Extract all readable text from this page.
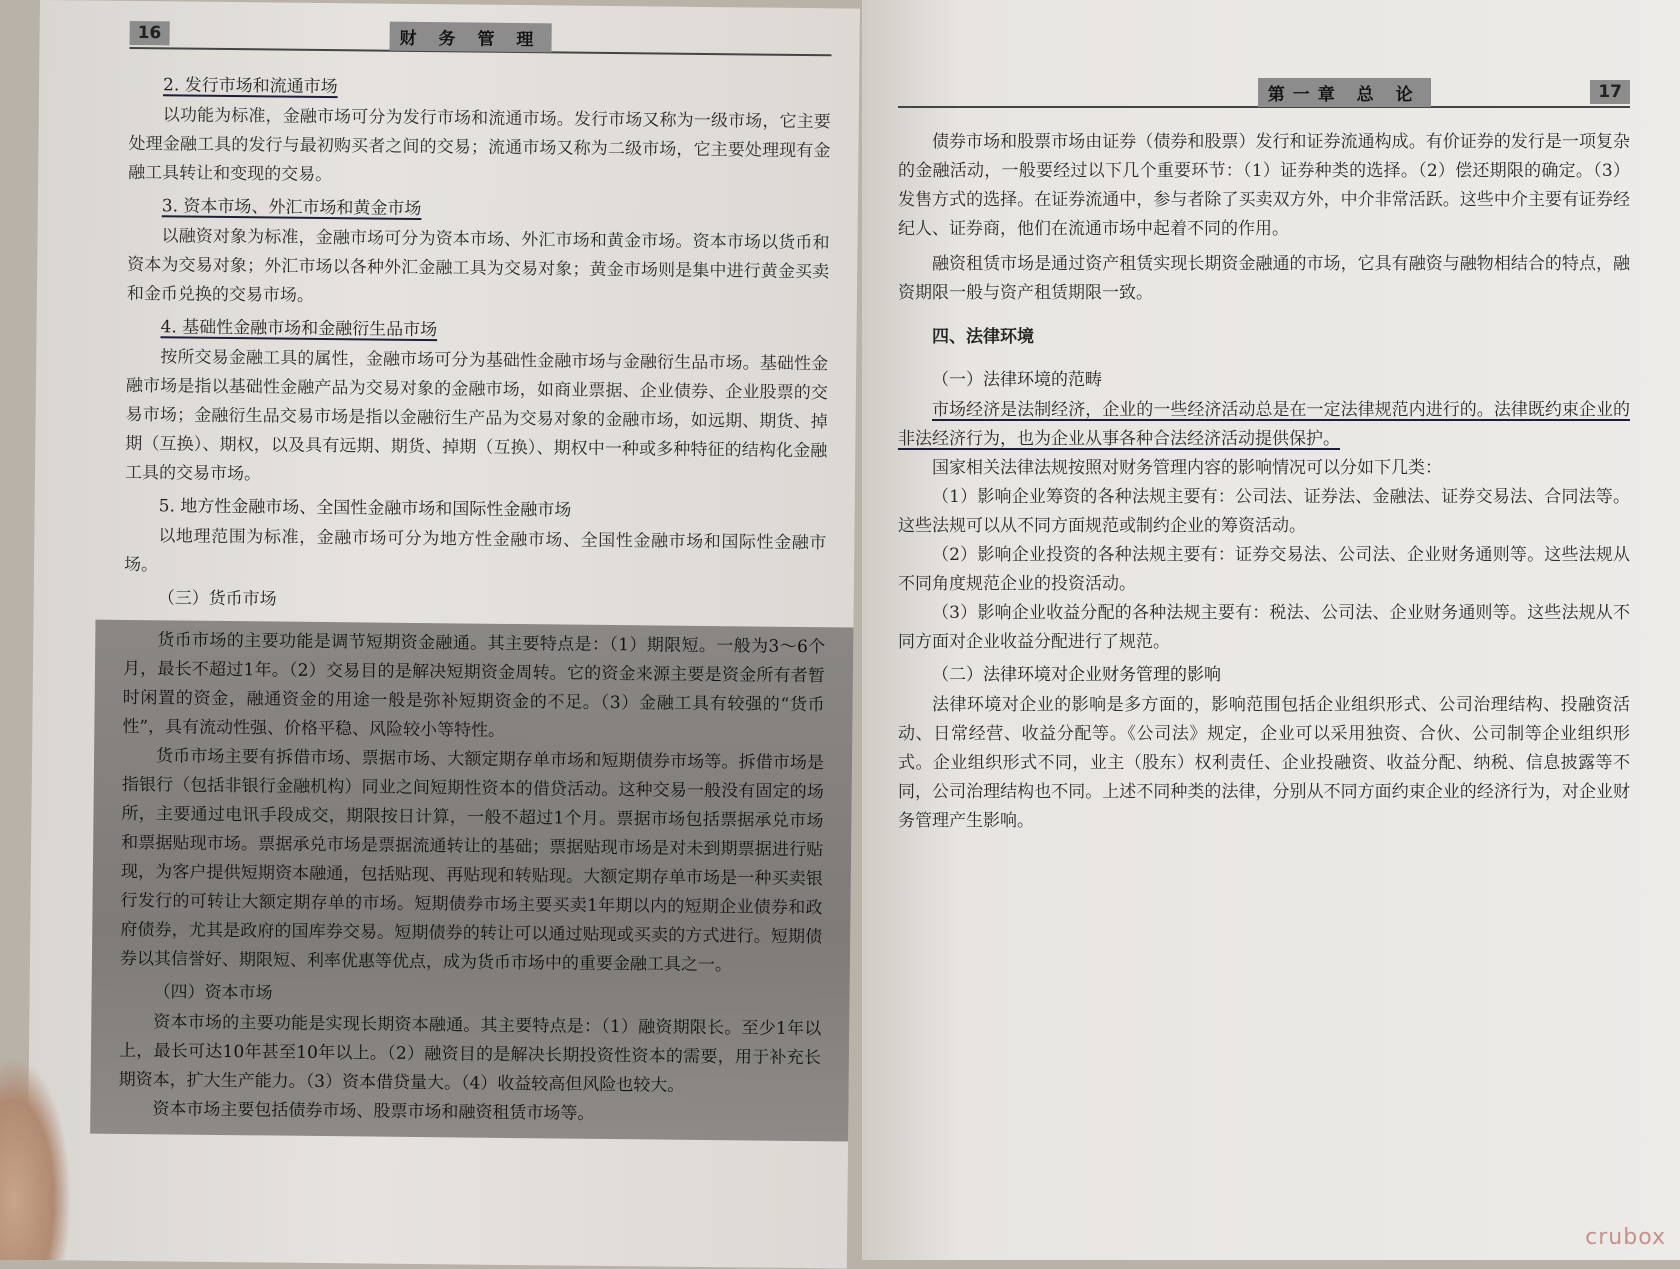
16	财 务 管 理

2. 发行市场和流通市场

以功能为标准，金融市场可分为发行市场和流通市场。发行市场又称为一级市场，它主要处理金融工具的发行与最初购买者之间的交易；流通市场又称为二级市场，它主要处理现有金融工具转让和变现的交易。

3. 资本市场、外汇市场和黄金市场

以融资对象为标准，金融市场可分为资本市场、外汇市场和黄金市场。资本市场以货币和资本为交易对象；外汇市场以各种外汇金融工具为交易对象；黄金市场则是集中进行黄金买卖和金币兑换的交易市场。

4. 基础性金融市场和金融衍生品市场

按所交易金融工具的属性，金融市场可分为基础性金融市场与金融衍生品市场。基础性金融市场是指以基础性金融产品为交易对象的金融市场，如商业票据、企业债券、企业股票的交易市场；金融衍生品交易市场是指以金融衍生产品为交易对象的金融市场，如远期、期货、掉期（互换）、期权，以及具有远期、期货、掉期（互换）、期权中一种或多种特征的结构化金融工具的交易市场。

5. 地方性金融市场、全国性金融市场和国际性金融市场

以地理范围为标准，金融市场可分为地方性金融市场、全国性金融市场和国际性金融市场。

（三）货币市场

货币市场的主要功能是调节短期资金融通。其主要特点是：（1）期限短。一般为3～6个月，最长不超过1年。（2）交易目的是解决短期资金周转。它的资金来源主要是资金所有者暂时闲置的资金，融通资金的用途一般是弥补短期资金的不足。（3）金融工具有较强的“货币性”，具有流动性强、价格平稳、风险较小等特性。

货币市场主要有拆借市场、票据市场、大额定期存单市场和短期债券市场等。拆借市场是指银行（包括非银行金融机构）同业之间短期性资本的借贷活动。这种交易一般没有固定的场所，主要通过电讯手段成交，期限按日计算，一般不超过1个月。票据市场包括票据承兑市场和票据贴现市场。票据承兑市场是票据流通转让的基础；票据贴现市场是对未到期票据进行贴现，为客户提供短期资本融通，包括贴现、再贴现和转贴现。大额定期存单市场是一种买卖银行发行的可转让大额定期存单的市场。短期债券市场主要买卖1年期以内的短期企业债券和政府债券，尤其是政府的国库券交易。短期债券的转让可以通过贴现或买卖的方式进行。短期债券以其信誉好、期限短、利率优惠等优点，成为货币市场中的重要金融工具之一。

（四）资本市场

资本市场的主要功能是实现长期资本融通。其主要特点是：（1）融资期限长。至少1年以上，最长可达10年甚至10年以上。（2）融资目的是解决长期投资性资本的需要，用于补充长期资本，扩大生产能力。（3）资本借贷量大。（4）收益较高但风险也较大。

资本市场主要包括债券市场、股票市场和融资租赁市场等。

第一章 总 论	17

债券市场和股票市场由证券（债券和股票）发行和证券流通构成。有价证券的发行是一项复杂的金融活动，一般要经过以下几个重要环节：（1）证券种类的选择。（2）偿还期限的确定。（3）发售方式的选择。在证券流通中，参与者除了买卖双方外，中介非常活跃。这些中介主要有证券经纪人、证券商，他们在流通市场中起着不同的作用。

融资租赁市场是通过资产租赁实现长期资金融通的市场，它具有融资与融物相结合的特点，融资期限一般与资产租赁期限一致。

四、法律环境

（一）法律环境的范畴

市场经济是法制经济，企业的一些经济活动总是在一定法律规范内进行的。法律既约束企业的非法经济行为，也为企业从事各种合法经济活动提供保护。

国家相关法律法规按照对财务管理内容的影响情况可以分如下几类：

（1）影响企业筹资的各种法规主要有：公司法、证券法、金融法、证券交易法、合同法等。这些法规可以从不同方面规范或制约企业的筹资活动。

（2）影响企业投资的各种法规主要有：证券交易法、公司法、企业财务通则等。这些法规从不同角度规范企业的投资活动。

（3）影响企业收益分配的各种法规主要有：税法、公司法、企业财务通则等。这些法规从不同方面对企业收益分配进行了规范。

（二）法律环境对企业财务管理的影响

法律环境对企业的影响是多方面的，影响范围包括企业组织形式、公司治理结构、投融资活动、日常经营、收益分配等。《公司法》规定，企业可以采用独资、合伙、公司制等企业组织形式。企业组织形式不同，业主（股东）权利责任、企业投融资、收益分配、纳税、信息披露等不同，公司治理结构也不同。上述不同种类的法律，分别从不同方面约束企业的经济行为，对企业财务管理产生影响。

crubox
